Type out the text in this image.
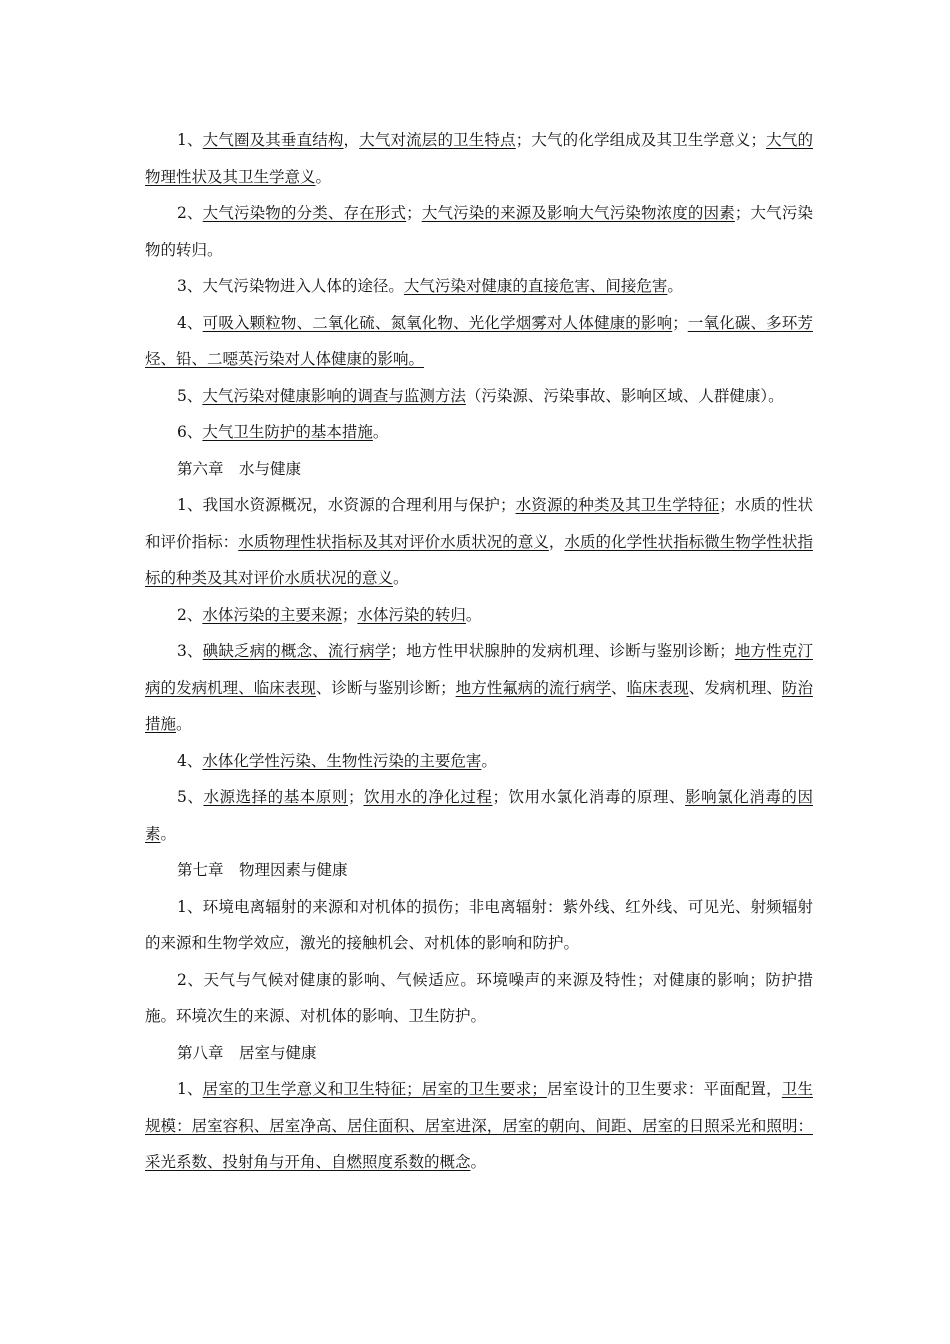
1、大气圈及其垂直结构，大气对流层的卫生特点；大气的化学组成及其卫生学意义；大气的物理性状及其卫生学意义。

2、大气污染物的分类、存在形式；大气污染的来源及影响大气污染物浓度的因素；大气污染物的转归。

3、大气污染物进入人体的途径。大气污染对健康的直接危害、间接危害。

4、可吸入颗粒物、二氧化硫、氮氧化物、光化学烟雾对人体健康的影响；一氧化碳、多环芳烃、铅、二噁英污染对人体健康的影响。

5、大气污染对健康影响的调查与监测方法（污染源、污染事故、影响区域、人群健康）。

6、大气卫生防护的基本措施。

第六章　水与健康

1、我国水资源概况，水资源的合理利用与保护；水资源的种类及其卫生学特征；水质的性状和评价指标：水质物理性状指标及其对评价水质状况的意义，水质的化学性状指标微生物学性状指标的种类及其对评价水质状况的意义。

2、水体污染的主要来源；水体污染的转归。

3、碘缺乏病的概念、流行病学；地方性甲状腺肿的发病机理、诊断与鉴别诊断；地方性克汀病的发病机理、临床表现、诊断与鉴别诊断；地方性氟病的流行病学、临床表现、发病机理、防治措施。

4、水体化学性污染、生物性污染的主要危害。

5、水源选择的基本原则；饮用水的净化过程；饮用水氯化消毒的原理、影响氯化消毒的因素。

第七章　物理因素与健康

1、环境电离辐射的来源和对机体的损伤；非电离辐射：紫外线、红外线、可见光、射频辐射的来源和生物学效应，激光的接触机会、对机体的影响和防护。

2、天气与气候对健康的影响、气候适应。环境噪声的来源及特性；对健康的影响；防护措施。环境次生的来源、对机体的影响、卫生防护。

第八章　居室与健康

1、居室的卫生学意义和卫生特征；居室的卫生要求；居室设计的卫生要求：平面配置，卫生规模：居室容积、居室净高、居住面积、居室进深，居室的朝向、间距、居室的日照采光和照明：采光系数、投射角与开角、自燃照度系数的概念。
